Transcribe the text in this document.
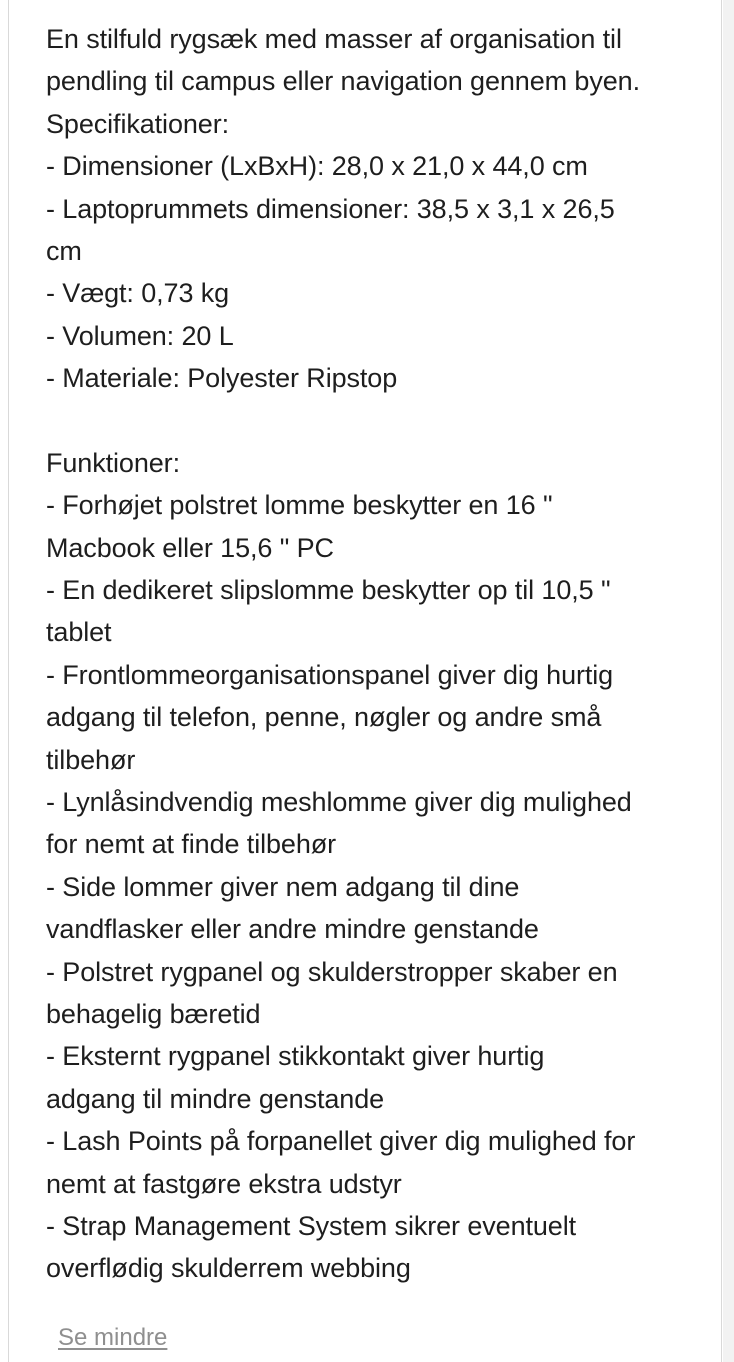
En stilfuld rygsæk med masser af organisation til
pendling til campus eller navigation gennem byen.
Specifikationer:
- Dimensioner (LxBxH): 28,0 x 21,0 x 44,0 cm
- Laptoprummets dimensioner: 38,5 x 3,1 x 26,5
cm
- Vægt: 0,73 kg
- Volumen: 20 L
- Materiale: Polyester Ripstop
Funktioner:
- Forhøjet polstret lomme beskytter en 16 "
Macbook eller 15,6 " PC
- En dedikeret slipslomme beskytter op til 10,5 "
tablet
- Frontlommeorganisationspanel giver dig hurtig
adgang til telefon, penne, nøgler og andre små
tilbehør
- Lynlåsindvendig meshlomme giver dig mulighed
for nemt at finde tilbehør
- Side lommer giver nem adgang til dine
vandflasker eller andre mindre genstande
- Polstret rygpanel og skulderstropper skaber en
behagelig bæretid
- Eksternt rygpanel stikkontakt giver hurtig
adgang til mindre genstande
- Lash Points på forpanellet giver dig mulighed for
nemt at fastgøre ekstra udstyr
- Strap Management System sikrer eventuelt
overflødig skulderrem webbing
Se mindre
